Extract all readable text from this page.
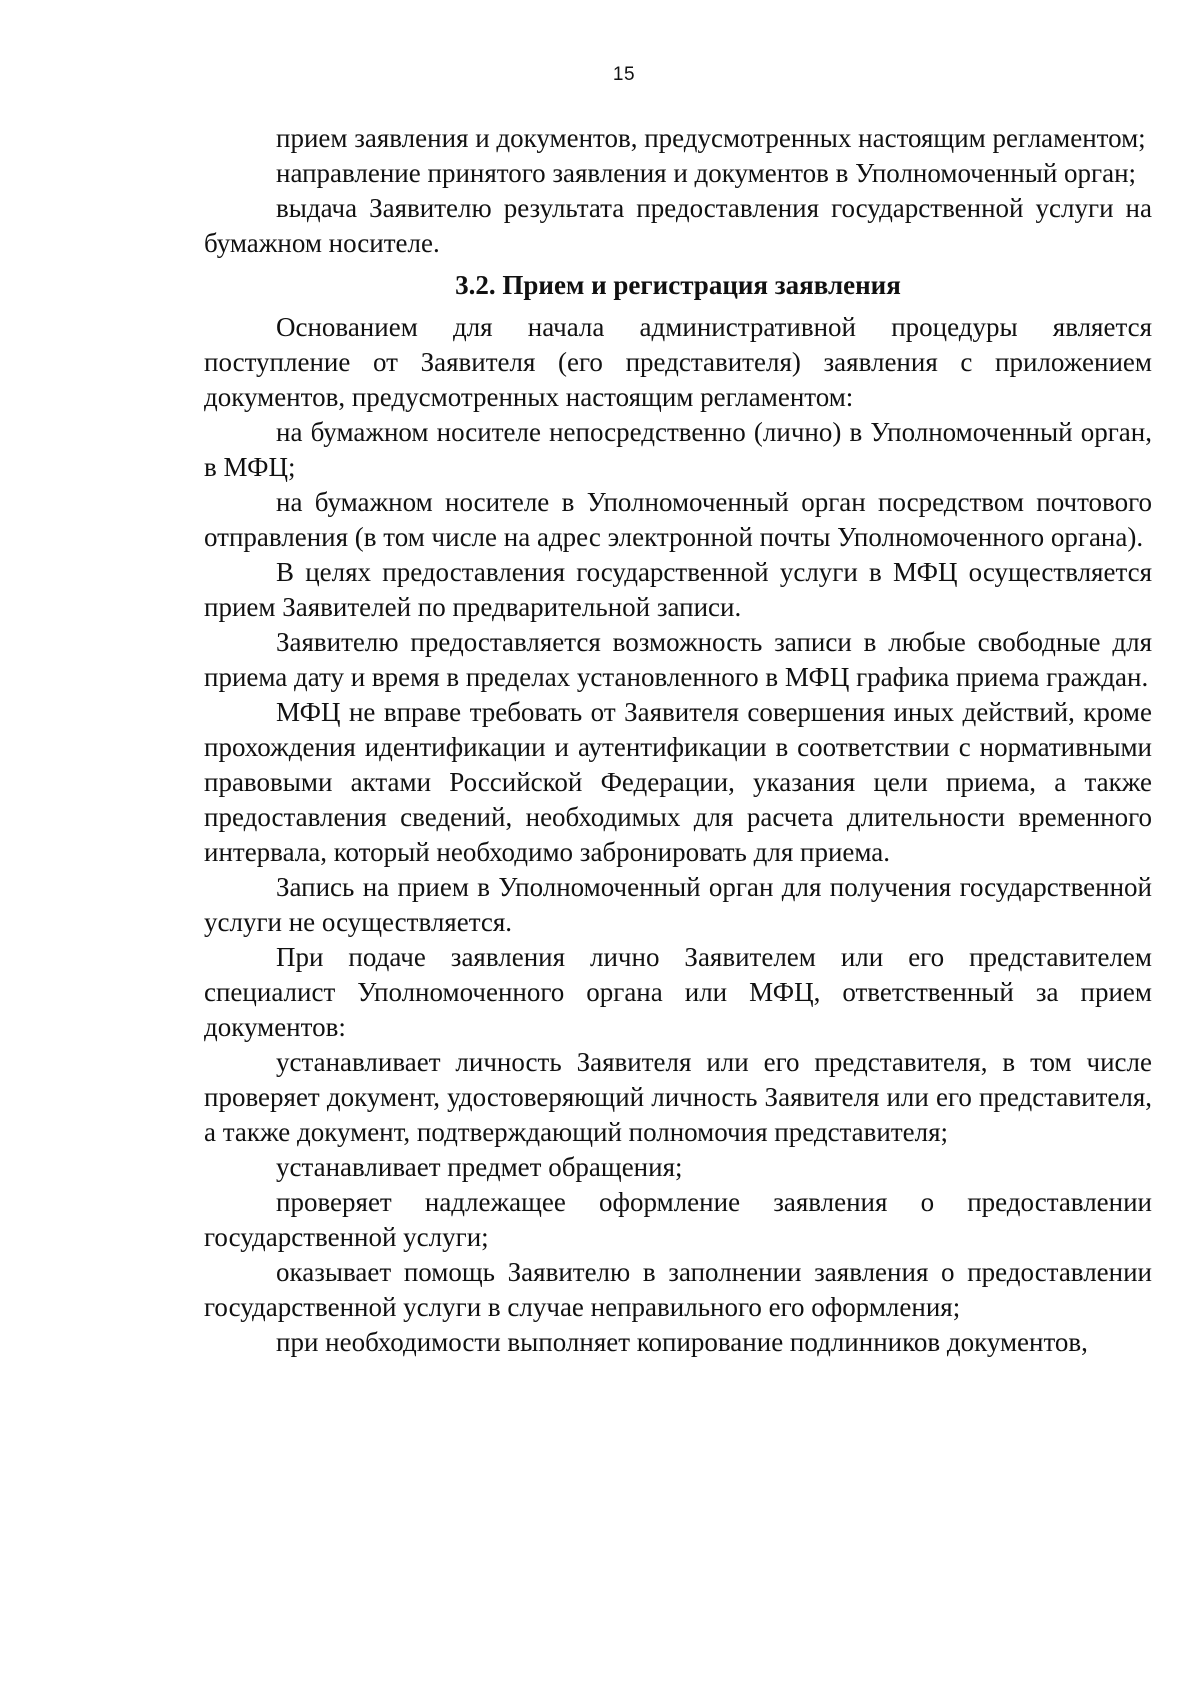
15

прием заявления и документов, предусмотренных настоящим регламентом;

направление принятого заявления и документов в Уполномоченный орган;

выдача Заявителю результата предоставления государственной услуги на бумажном носителе.

3.2. Прием и регистрация заявления

Основанием для начала административной процедуры является поступление от Заявителя (его представителя) заявления с приложением документов, предусмотренных настоящим регламентом:

на бумажном носителе непосредственно (лично) в Уполномоченный орган, в МФЦ;

на бумажном носителе в Уполномоченный орган посредством почтового отправления (в том числе на адрес электронной почты Уполномоченного органа).

В целях предоставления государственной услуги в МФЦ осуществляется прием Заявителей по предварительной записи.

Заявителю предоставляется возможность записи в любые свободные для приема дату и время в пределах установленного в МФЦ графика приема граждан.

МФЦ не вправе требовать от Заявителя совершения иных действий, кроме прохождения идентификации и аутентификации в соответствии с нормативными правовыми актами Российской Федерации, указания цели приема, а также предоставления сведений, необходимых для расчета длительности временного интервала, который необходимо забронировать для приема.

Запись на прием в Уполномоченный орган для получения государственной услуги не осуществляется.

При подаче заявления лично Заявителем или его представителем специалист Уполномоченного органа или МФЦ, ответственный за прием документов:

устанавливает личность Заявителя или его представителя, в том числе проверяет документ, удостоверяющий личность Заявителя или его представителя, а также документ, подтверждающий полномочия представителя;

устанавливает предмет обращения;

проверяет надлежащее оформление заявления о предоставлении государственной услуги;

оказывает помощь Заявителю в заполнении заявления о предоставлении государственной услуги в случае неправильного его оформления;

при необходимости выполняет копирование подлинников документов,
